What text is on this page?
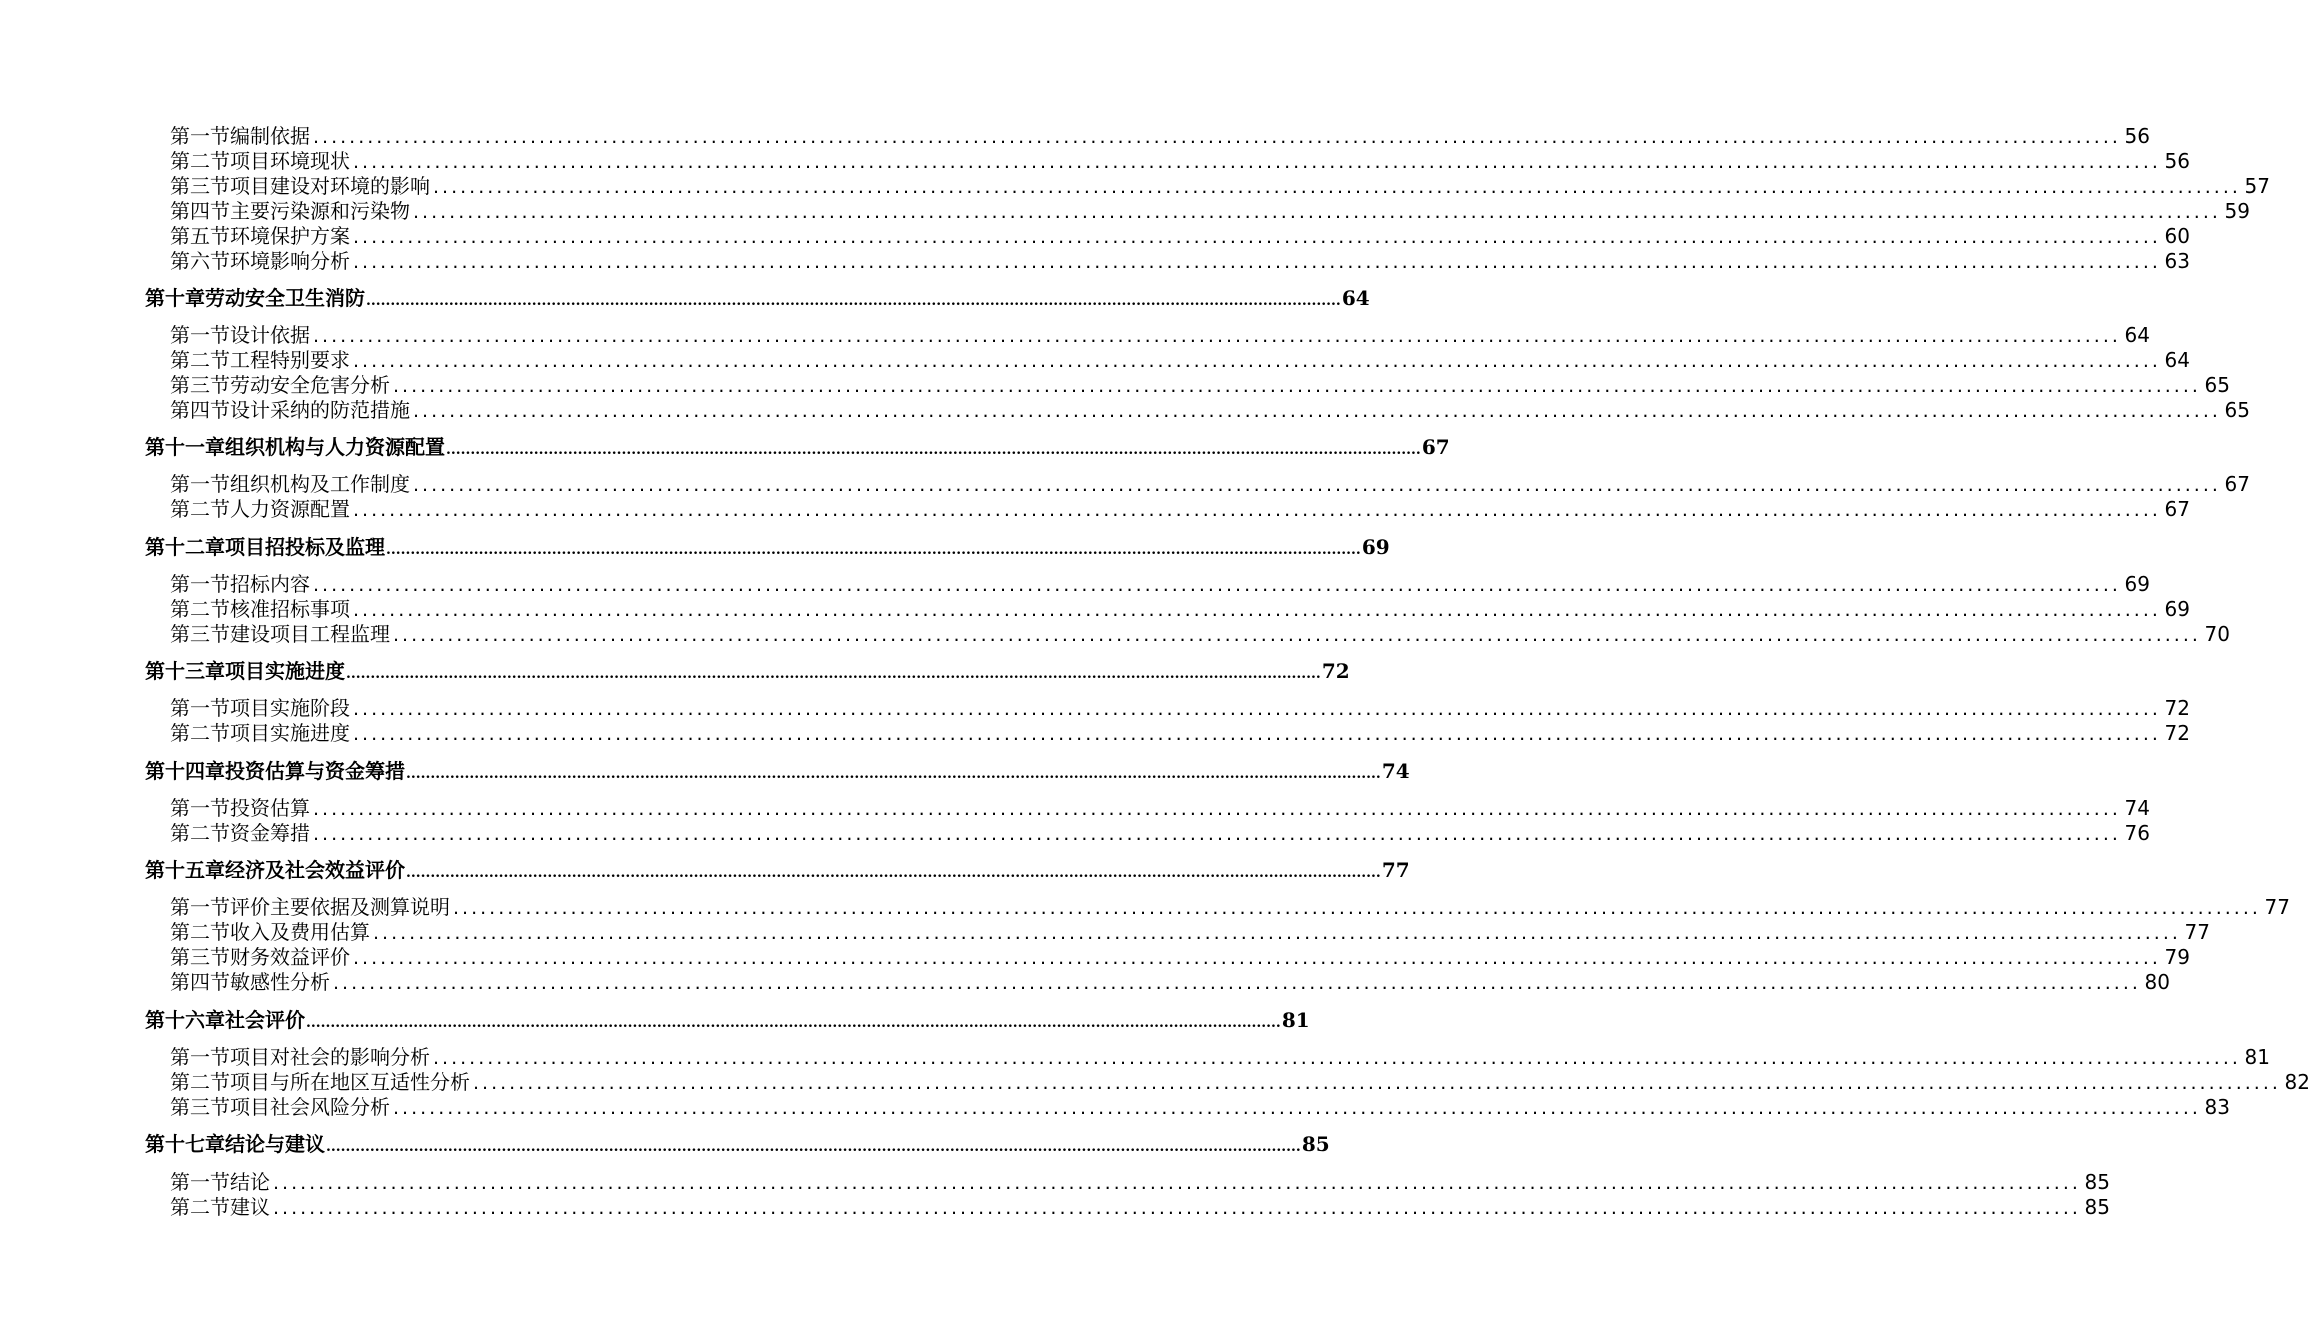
第一节 编制依据 ........................................................................................................................................................................................................ 56
第二节 项目环境现状 ........................................................................................................................................................................................................ 56
第三节 项目建设对环境的影响 ........................................................................................................................................................................................................ 57
第四节 主要污染源和污染物 ........................................................................................................................................................................................................ 59
第五节 环境保护方案 ........................................................................................................................................................................................................ 60
第六节 环境影响分析 ........................................................................................................................................................................................................ 63
第十章 劳动安全卫生消防 ........................................................................................................................................................................................................ 64
第一节 设计依据 ........................................................................................................................................................................................................ 64
第二节 工程特别要求 ........................................................................................................................................................................................................ 64
第三节 劳动安全危害分析 ........................................................................................................................................................................................................ 65
第四节 设计采纳的防范措施 ........................................................................................................................................................................................................ 65
第十一章 组织机构与人力资源配置 ........................................................................................................................................................................................................ 67
第一节 组织机构及工作制度 ........................................................................................................................................................................................................ 67
第二节 人力资源配置 ........................................................................................................................................................................................................ 67
第十二章 项目招投标及监理 ........................................................................................................................................................................................................ 69
第一节 招标内容 ........................................................................................................................................................................................................ 69
第二节 核准招标事项 ........................................................................................................................................................................................................ 69
第三节 建设项目工程监理 ........................................................................................................................................................................................................ 70
第十三章 项目实施进度 ........................................................................................................................................................................................................ 72
第一节 项目实施阶段 ........................................................................................................................................................................................................ 72
第二节 项目实施进度 ........................................................................................................................................................................................................ 72
第十四章 投资估算与资金筹措 ........................................................................................................................................................................................................ 74
第一节 投资估算 ........................................................................................................................................................................................................ 74
第二节 资金筹措 ........................................................................................................................................................................................................ 76
第十五章 经济及社会效益评价 ........................................................................................................................................................................................................ 77
第一节 评价主要依据及测算说明 ........................................................................................................................................................................................................ 77
第二节 收入及费用估算 ........................................................................................................................................................................................................ 77
第三节 财务效益评价 ........................................................................................................................................................................................................ 79
第四节 敏感性分析 ........................................................................................................................................................................................................ 80
第十六章 社会评价 ........................................................................................................................................................................................................ 81
第一节 项目对社会的影响分析 ........................................................................................................................................................................................................ 81
第二节 项目与所在地区互适性分析 ........................................................................................................................................................................................................ 82
第三节 项目社会风险分析 ........................................................................................................................................................................................................ 83
第十七章 结论与建议 ........................................................................................................................................................................................................ 85
第一节 结论 ........................................................................................................................................................................................................ 85
第二节 建议 ........................................................................................................................................................................................................ 85
